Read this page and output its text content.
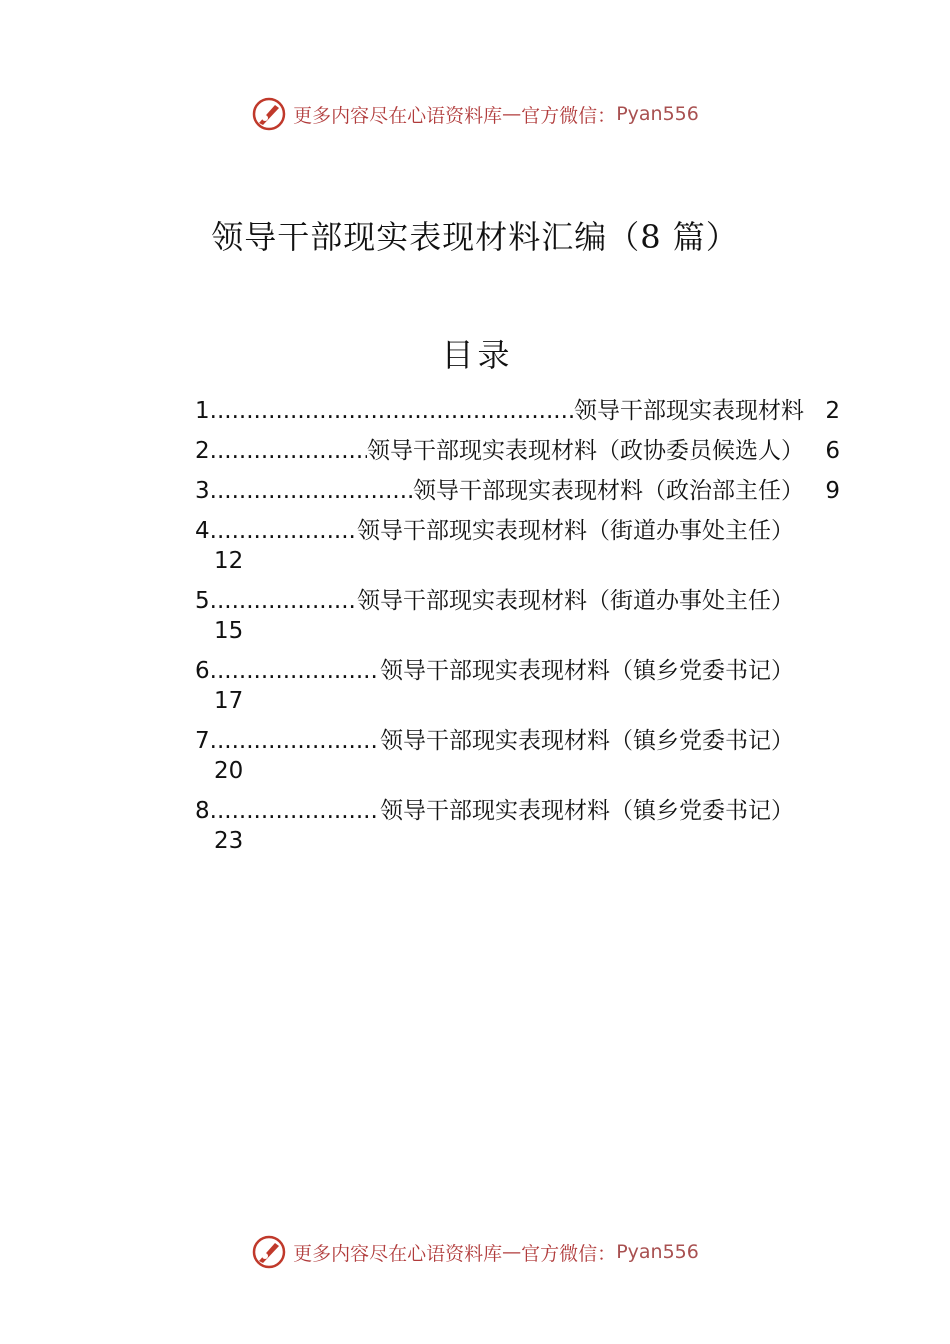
更多内容尽在心语资料库 — 官方微信： Pyan556
领导干部现实表现材料汇编（8 篇）
目录
1 .....	领导干部现实表现材料 2
2 .....	领导干部现实表现材料（政协委员候选人） 6
3 .....	领导干部现实表现材料（政治部主任） 9
4 .....	领导干部现实表现材料（街道办事处主任）
12
5 .....	领导干部现实表现材料（街道办事处主任）
15
6 .....	领导干部现实表现材料（镇乡党委书记）
17
7 .....	领导干部现实表现材料（镇乡党委书记）
20
8 .....	领导干部现实表现材料（镇乡党委书记）
23
更多内容尽在心语资料库 — 官方微信： Pyan556
